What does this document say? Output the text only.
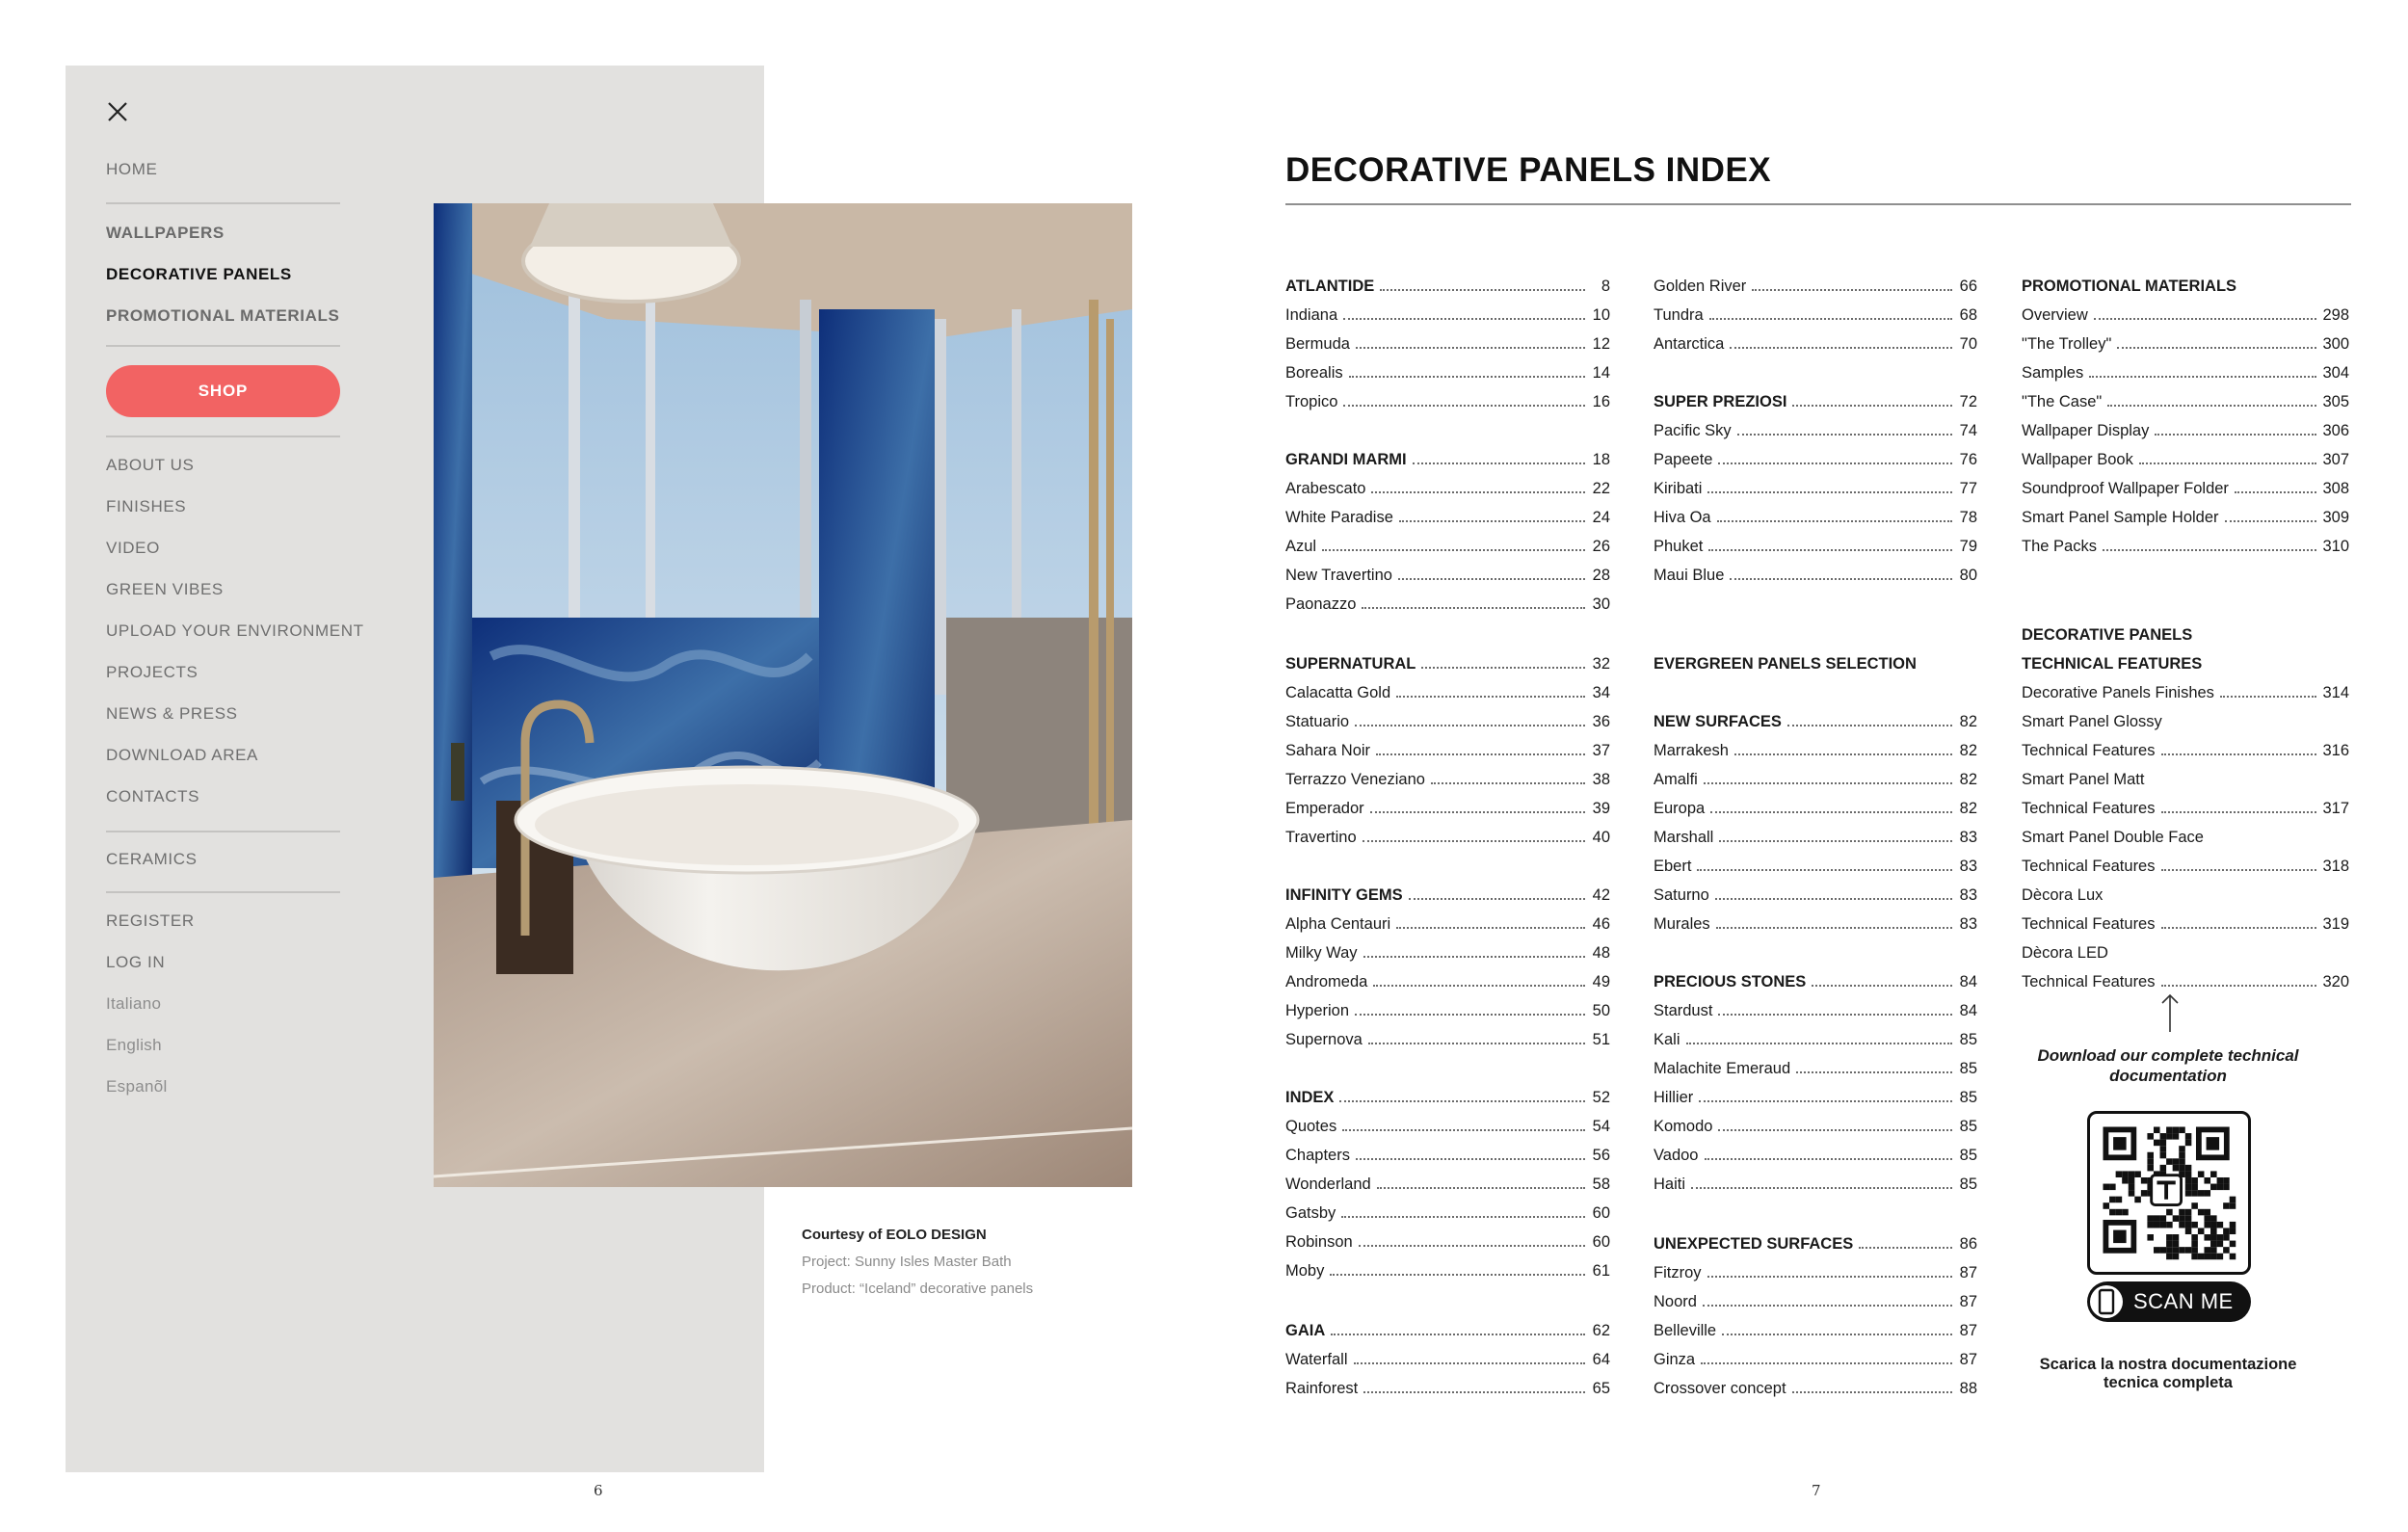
HOME
WALLPAPERS
DECORATIVE PANELS
PROMOTIONAL MATERIALS
SHOP
ABOUT US
FINISHES
VIDEO
GREEN VIBES
UPLOAD YOUR ENVIRONMENT
PROJECTS
NEWS & PRESS
DOWNLOAD AREA
CONTACTS
CERAMICS
REGISTER
LOG IN
Italiano
English
Espanõl
Courtesy of EOLO DESIGN
Project: Sunny Isles Master Bath
Product: “Iceland” decorative panels
6	7
DECORATIVE PANELS INDEX
ATLANTIDE	8
Indiana	10
Bermuda	12
Borealis	14
Tropico	16
GRANDI MARMI	18
Arabescato	22
White Paradise	24
Azul	26
New Travertino	28
Paonazzo	30
SUPERNATURAL	32
Calacatta Gold	34
Statuario	36
Sahara Noir	37
Terrazzo Veneziano	38
Emperador	39
Travertino	40
INFINITY GEMS	42
Alpha Centauri	46
Milky Way	48
Andromeda	49
Hyperion	50
Supernova	51
INDEX	52
Quotes	54
Chapters	56
Wonderland	58
Gatsby	60
Robinson	60
Moby	61
GAIA	62
Waterfall	64
Rainforest	65
Golden River	66
Tundra	68
Antarctica	70
SUPER PREZIOSI	72
Pacific Sky	74
Papeete	76
Kiribati	77
Hiva Oa	78
Phuket	79
Maui Blue	80
EVERGREEN PANELS SELECTION
NEW SURFACES	82
Marrakesh	82
Amalfi	82
Europa	82
Marshall	83
Ebert	83
Saturno	83
Murales	83
PRECIOUS STONES	84
Stardust	84
Kali	85
Malachite Emeraud	85
Hillier	85
Komodo	85
Vadoo	85
Haiti	85
UNEXPECTED SURFACES	86
Fitzroy	87
Noord	87
Belleville	87
Ginza	87
Crossover concept	88
PROMOTIONAL MATERIALS
Overview	298
"The Trolley"	300
Samples	304
"The Case"	305
Wallpaper Display	306
Wallpaper Book	307
Soundproof Wallpaper Folder	308
Smart Panel Sample Holder	309
The Packs	310
DECORATIVE PANELS
TECHNICAL FEATURES
Decorative Panels Finishes	314
Smart Panel Glossy
Technical Features	316
Smart Panel Matt
Technical Features	317
Smart Panel Double Face
Technical Features	318
Dècora Lux
Technical Features	319
Dècora LED
Technical Features	320
Download our complete technical documentation
SCAN ME
Scarica la nostra documentazione tecnica completa
